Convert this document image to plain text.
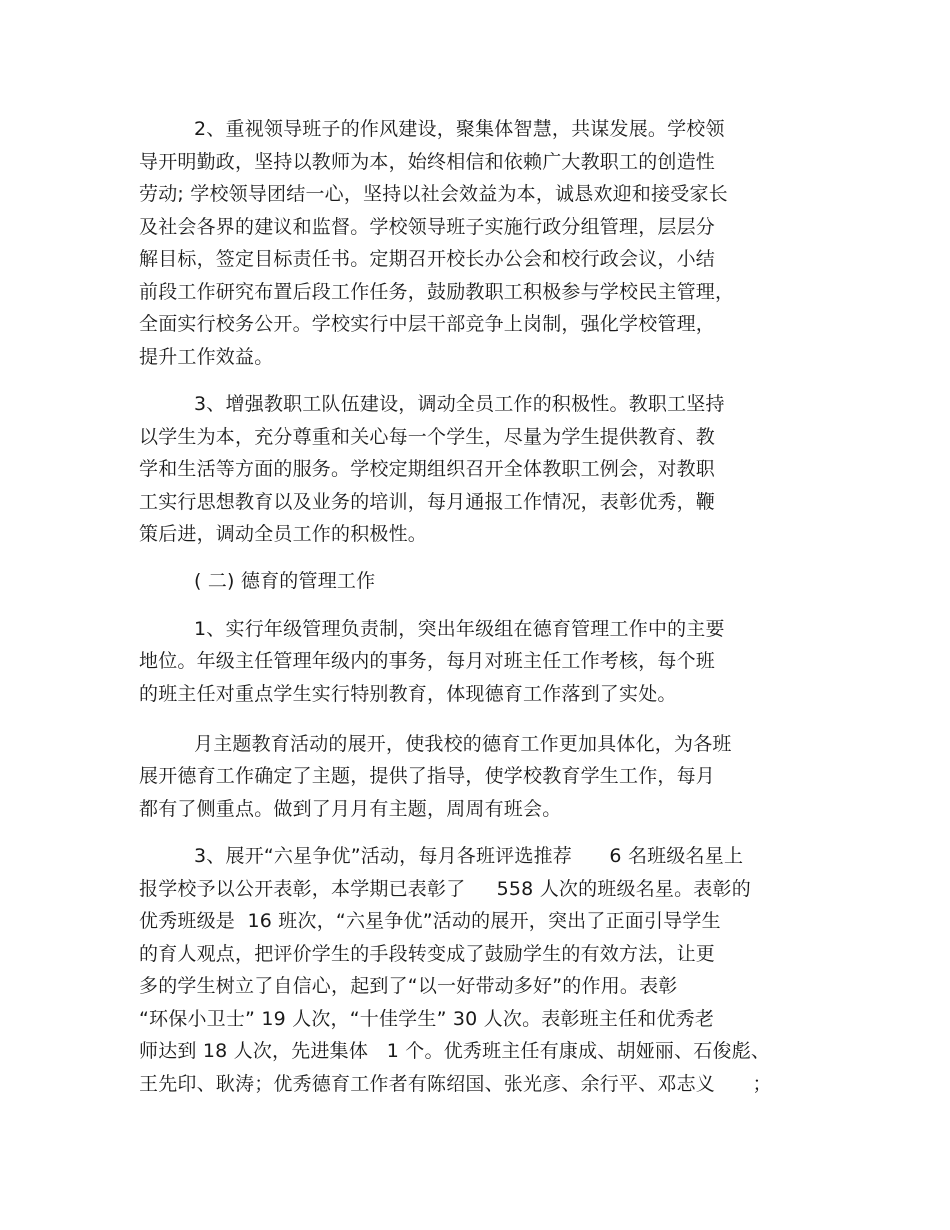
2、重视领导班子的作风建设，聚集体智慧，共谋发展。学校领
导开明勤政，坚持以教师为本，始终相信和依赖广大教职工的创造性
劳动; 学校领导团结一心，坚持以社会效益为本，诚恳欢迎和接受家长
及社会各界的建议和监督。学校领导班子实施行政分组管理，层层分
解目标，签定目标责任书。定期召开校长办公会和校行政会议，小结
前段工作研究布置后段工作任务，鼓励教职工积极参与学校民主管理，
全面实行校务公开。学校实行中层干部竞争上岗制，强化学校管理，
提升工作效益。
3、增强教职工队伍建设，调动全员工作的积极性。教职工坚持
以学生为本，充分尊重和关心每一个学生，尽量为学生提供教育、教
学和生活等方面的服务。学校定期组织召开全体教职工例会，对教职
工实行思想教育以及业务的培训，每月通报工作情况，表彰优秀，鞭
策后进，调动全员工作的积极性。
( 二) 德育的管理工作
1、实行年级管理负责制，突出年级组在德育管理工作中的主要
地位。年级主任管理年级内的事务，每月对班主任工作考核，每个班
的班主任对重点学生实行特别教育，体现德育工作落到了实处。
月主题教育活动的展开，使我校的德育工作更加具体化，为各班
展开德育工作确定了主题，提供了指导，使学校教育学生工作，每月
都有了侧重点。做到了月月有主题，周周有班会。
3、展开“六星争优”活动，每月各班评选推荐      6 名班级名星上
报学校予以公开表彰，本学期已表彰了     558 人次的班级名星。表彰的
优秀班级是  16 班次，“六星争优”活动的展开，突出了正面引导学生
的育人观点，把评价学生的手段转变成了鼓励学生的有效方法，让更
多的学生树立了自信心，起到了“以一好带动多好”的作用。表彰
“环保小卫士” 19 人次，“十佳学生” 30 人次。表彰班主任和优秀老
师达到 18 人次，先进集体   1 个。优秀班主任有康成、胡娅丽、石俊彪、
王先印、耿涛；优秀德育工作者有陈绍国、张光彦、余行平、邓志义      ；
